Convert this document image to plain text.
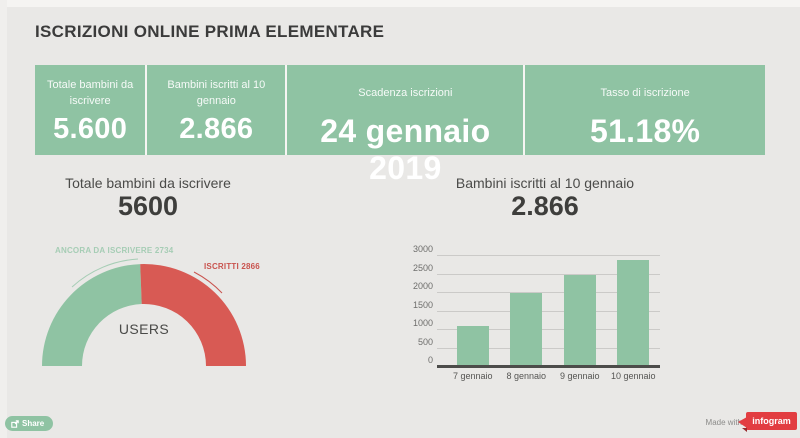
ISCRIZIONI ONLINE PRIMA ELEMENTARE
Totale bambini da iscrivere
5.600
Bambini iscritti al 10 gennaio
2.866
Scadenza iscrizioni
24 gennaio 2019
Tasso di iscrizione
51.18%
Totale bambini da iscrivere
5600
Bambini iscritti al 10 gennaio
2.866
ANCORA DA ISCRIVERE 2734
ISCRITTI 2866
USERS
0
500
1000
1500
2000
2500
3000
7 gennaio	8 gennaio	9 gennaio	10 gennaio
Share	Made with	infogram
